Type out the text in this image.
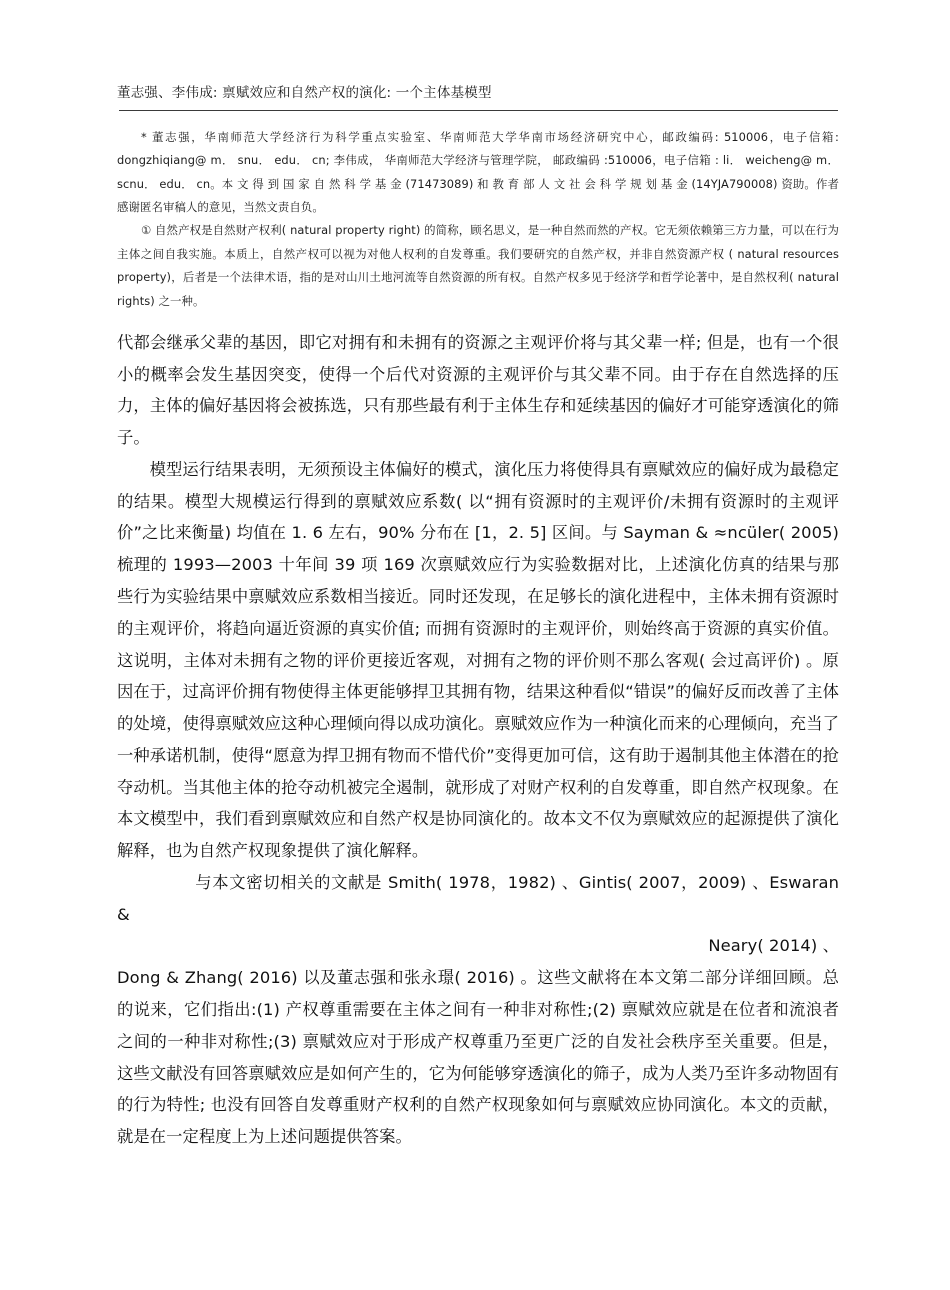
董志强、李伟成: 禀赋效应和自然产权的演化: 一个主体基模型

* 董志强，华南师范大学经济行为科学重点实验室、华南师范大学华南市场经济研究中心，邮政编码: 510006，电子信箱: dongzhiqiang@ m． snu． edu． cn; 李伟成， 华南师范大学经济与管理学院， 邮政编码 :510006，电子信箱 : li． weicheng@ m． scnu． edu． cn。本 文 得 到 国 家 自 然 科 学 基 金 (71473089) 和 教 育 部 人 文 社 会 科 学 规 划 基 金 (14YJA790008) 资助。作者感谢匿名审稿人的意见，当然文责自负。

① 自然产权是自然财产权利( natural property right) 的简称，顾名思义，是一种自然而然的产权。它无须依赖第三方力量，可以在行为主体之间自我实施。本质上，自然产权可以视为对他人权利的自发尊重。我们要研究的自然产权，并非自然资源产权 ( natural resources property)，后者是一个法律术语，指的是对山川土地河流等自然资源的所有权。自然产权多见于经济学和哲学论著中，是自然权利( natural rights) 之一种。

代都会继承父辈的基因，即它对拥有和未拥有的资源之主观评价将与其父辈一样; 但是，也有一个很小的概率会发生基因突变，使得一个后代对资源的主观评价与其父辈不同。由于存在自然选择的压力，主体的偏好基因将会被拣选，只有那些最有利于主体生存和延续基因的偏好才可能穿透演化的筛子。

模型运行结果表明，无须预设主体偏好的模式，演化压力将使得具有禀赋效应的偏好成为最稳定的结果。模型大规模运行得到的禀赋效应系数( 以“拥有资源时的主观评价/未拥有资源时的主观评价”之比来衡量) 均值在 1. 6 左右，90% 分布在 [1，2. 5] 区间。与 Sayman & ≈ncüler( 2005) 梳理的 1993—2003 十年间 39 项 169 次禀赋效应行为实验数据对比，上述演化仿真的结果与那些行为实验结果中禀赋效应系数相当接近。同时还发现，在足够长的演化进程中，主体未拥有资源时的主观评价，将趋向逼近资源的真实价值; 而拥有资源时的主观评价，则始终高于资源的真实价值。这说明，主体对未拥有之物的评价更接近客观，对拥有之物的评价则不那么客观( 会过高评价) 。原因在于，过高评价拥有物使得主体更能够捍卫其拥有物，结果这种看似“错误”的偏好反而改善了主体的处境，使得禀赋效应这种心理倾向得以成功演化。禀赋效应作为一种演化而来的心理倾向，充当了一种承诺机制，使得“愿意为捍卫拥有物而不惜代价”变得更加可信，这有助于遏制其他主体潜在的抢夺动机。当其他主体的抢夺动机被完全遏制，就形成了对财产权利的自发尊重，即自然产权现象。在本文模型中，我们看到禀赋效应和自然产权是协同演化的。故本文不仅为禀赋效应的起源提供了演化解释，也为自然产权现象提供了演化解释。

与本文密切相关的文献是 Smith( 1978，1982) 、Gintis( 2007，2009) 、Eswaran &
Neary( 2014) 、

Dong & Zhang( 2016) 以及董志强和张永璟( 2016) 。这些文献将在本文第二部分详细回顾。总的说来，它们指出:(1) 产权尊重需要在主体之间有一种非对称性;(2) 禀赋效应就是在位者和流浪者之间的一种非对称性;(3) 禀赋效应对于形成产权尊重乃至更广泛的自发社会秩序至关重要。但是，这些文献没有回答禀赋效应是如何产生的，它为何能够穿透演化的筛子，成为人类乃至许多动物固有的行为特性; 也没有回答自发尊重财产权利的自然产权现象如何与禀赋效应协同演化。本文的贡献，就是在一定程度上为上述问题提供答案。
